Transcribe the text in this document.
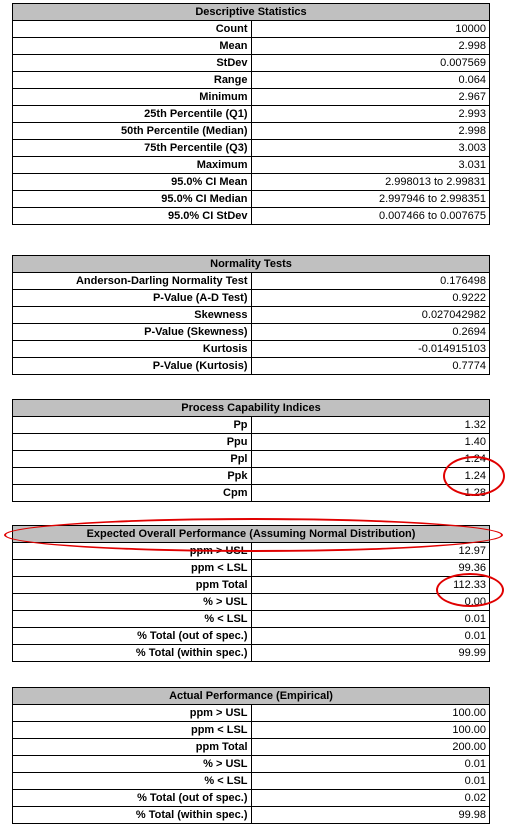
Descriptive Statistics	
Count	10000
Mean	2.998
StDev	0.007569
Range	0.064
Minimum	2.967
25th Percentile (Q1)	2.993
50th Percentile (Median)	2.998
75th Percentile (Q3)	3.003
Maximum	3.031
95.0% CI Mean	2.998013 to 2.99831
95.0% CI Median	2.997946 to 2.998351
95.0% CI StDev	0.007466 to 0.007675
Normality Tests	
Anderson-Darling Normality Test	0.176498
P-Value (A-D Test)	0.9222
Skewness	0.027042982
P-Value (Skewness)	0.2694
Kurtosis	-0.014915103
P-Value (Kurtosis)	0.7774
Process Capability Indices	
Pp	1.32
Ppu	1.40
Ppl	1.24
Ppk	1.24
Cpm	1.28
Expected Overall Performance (Assuming Normal Distribution)	
ppm > USL	12.97
ppm < LSL	99.36
ppm Total	112.33
% > USL	0.00
% < LSL	0.01
% Total (out of spec.)	0.01
% Total (within spec.)	99.99
Actual Performance (Empirical)	
ppm > USL	100.00
ppm < LSL	100.00
ppm Total	200.00
% > USL	0.01
% < LSL	0.01
% Total (out of spec.)	0.02
% Total (within spec.)	99.98
